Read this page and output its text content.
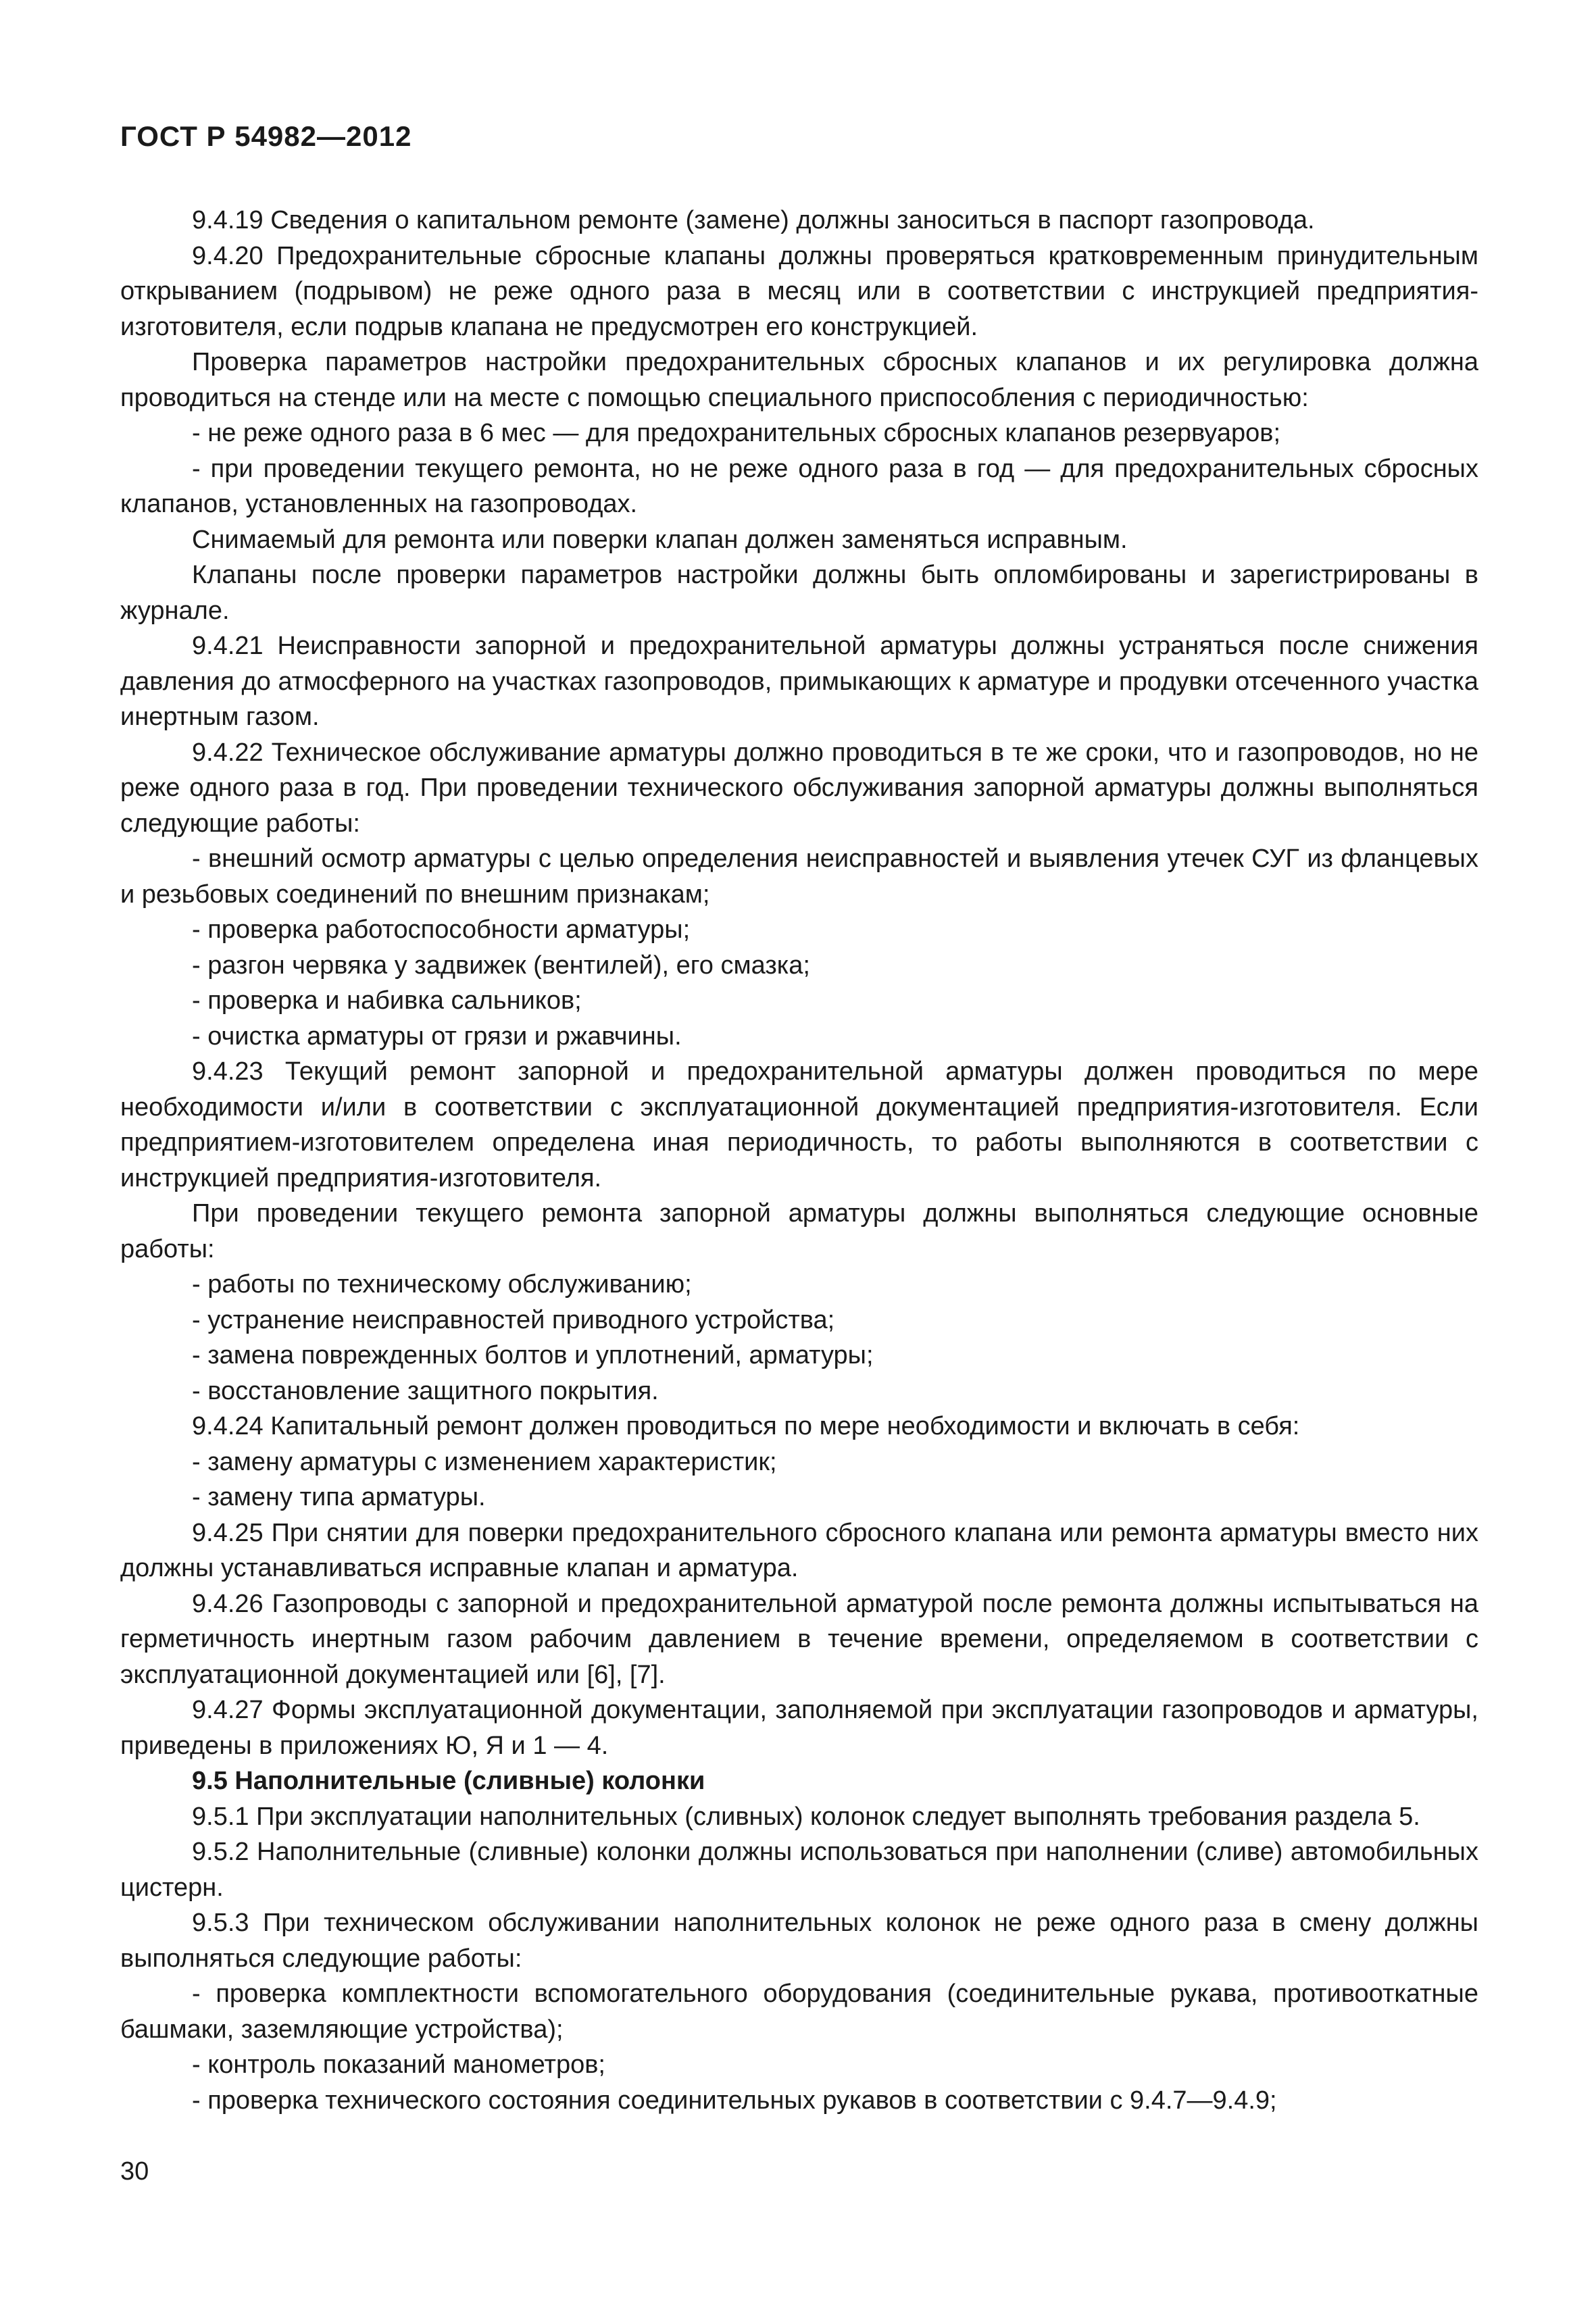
ГОСТ Р 54982—2012

9.4.19 Сведения о капитальном ремонте (замене) должны заноситься в паспорт газопровода.

9.4.20 Предохранительные сбросные клапаны должны проверяться кратковременным принудительным открыванием (подрывом) не реже одного раза в месяц или в соответствии с инструкцией предприятия-изготовителя, если подрыв клапана не предусмотрен его конструкцией.

Проверка параметров настройки предохранительных сбросных клапанов и их регулировка должна проводиться на стенде или на месте с помощью специального приспособления с периодичностью:

- не реже одного раза в 6 мес — для предохранительных сбросных клапанов резервуаров;

- при проведении текущего ремонта, но не реже одного раза в год — для предохранительных сбросных клапанов, установленных на газопроводах.

Снимаемый для ремонта или поверки клапан должен заменяться исправным.

Клапаны после проверки параметров настройки должны быть опломбированы и зарегистрированы в журнале.

9.4.21 Неисправности запорной и предохранительной арматуры должны устраняться после снижения давления до атмосферного на участках газопроводов, примыкающих к арматуре и продувки отсеченного участка инертным газом.

9.4.22 Техническое обслуживание арматуры должно проводиться в те же сроки, что и газопроводов, но не реже одного раза в год. При проведении технического обслуживания запорной арматуры должны выполняться следующие работы:

- внешний осмотр арматуры с целью определения неисправностей и выявления утечек СУГ из фланцевых и резьбовых соединений по внешним признакам;

- проверка работоспособности арматуры;

- разгон червяка у задвижек (вентилей), его смазка;

- проверка и набивка сальников;

- очистка арматуры от грязи и ржавчины.

9.4.23 Текущий ремонт запорной и предохранительной арматуры должен проводиться по мере необходимости и/или в соответствии с эксплуатационной документацией предприятия-изготовителя. Если предприятием-изготовителем определена иная периодичность, то работы выполняются в соответствии с инструкцией предприятия-изготовителя.

При проведении текущего ремонта запорной арматуры должны выполняться следующие основные работы:

- работы по техническому обслуживанию;

- устранение неисправностей приводного устройства;

- замена поврежденных болтов и уплотнений, арматуры;

- восстановление защитного покрытия.

9.4.24 Капитальный ремонт должен проводиться по мере необходимости и включать в себя:

- замену арматуры с изменением характеристик;

- замену типа арматуры.

9.4.25 При снятии для поверки предохранительного сбросного клапана или ремонта арматуры вместо них должны устанавливаться исправные клапан и арматура.

9.4.26 Газопроводы с запорной и предохранительной арматурой после ремонта должны испытываться на герметичность инертным газом рабочим давлением в течение времени, определяемом в соответствии с эксплуатационной документацией или [6], [7].

9.4.27 Формы эксплуатационной документации, заполняемой при эксплуатации газопроводов и арматуры, приведены в приложениях Ю, Я и 1 — 4.

9.5 Наполнительные (сливные) колонки

9.5.1 При эксплуатации наполнительных (сливных) колонок следует выполнять требования раздела 5.

9.5.2 Наполнительные (сливные) колонки должны использоваться при наполнении (сливе) автомобильных цистерн.

9.5.3 При техническом обслуживании наполнительных колонок не реже одного раза в смену должны выполняться следующие работы:

- проверка комплектности вспомогательного оборудования (соединительные рукава, противооткатные башмаки, заземляющие устройства);

- контроль показаний манометров;

- проверка технического состояния соединительных рукавов в соответствии с 9.4.7—9.4.9;

30
